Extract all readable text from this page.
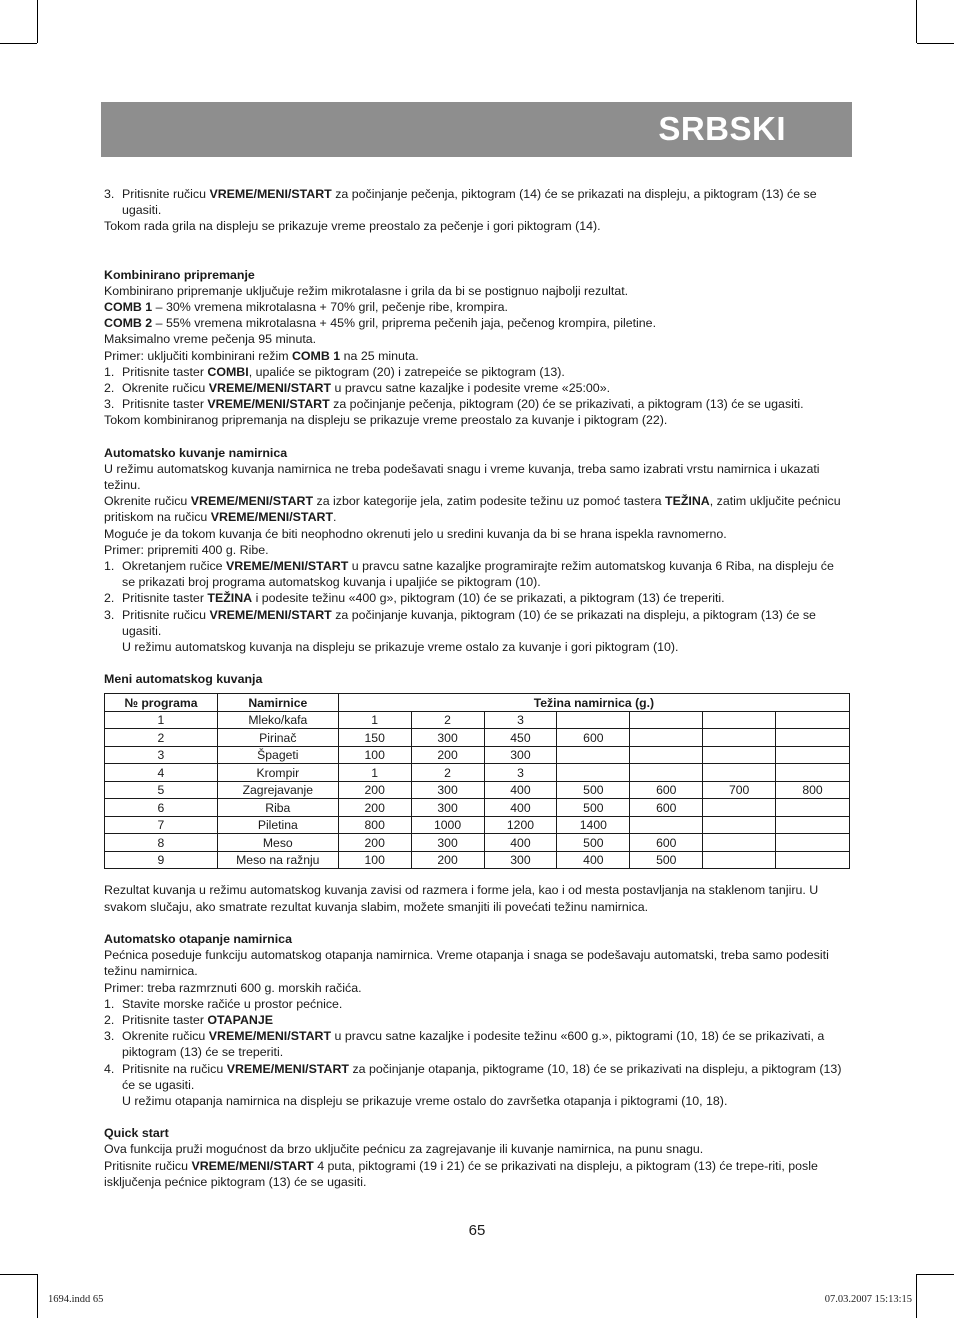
SRBSKI
3. Pritisnite ručicu VREME/MENI/START za počinjanje pečenja, piktogram (14) će se prikazati na displeju, a piktogram (13) će se ugasiti.

Tokom rada grila na displeju se prikazuje vreme preostalo za pečenje i gori piktogram (14).

Kombinirano pripremanje

Kombinirano pripremanje uključuje režim mikrotalasne i grila da bi se postignuo najbolji rezultat.

COMB 1 – 30% vremena mikrotalasna + 70% gril, pečenje ribe, krompira.

COMB 2 – 55% vremena mikrotalasna + 45% gril, priprema pečenih jaja, pečenog krompira, piletine.

Maksimalno vreme pečenja 95 minuta.

Primer: uključiti kombinirani režim COMB 1 na 25 minuta.

1. Pritisnite taster COMBI, upaliće se piktogram (20) i zatrepeiće se piktogram (13).
2. Okrenite ručicu VREME/MENI/START u pravcu satne kazaljke i podesite vreme «25:00».
3. Pritisnite taster VREME/MENI/START za počinjanje pečenja, piktogram (20) će se prikazivati, a piktogram (13) će se ugasiti.

Tokom kombiniranog pripremanja na displeju se prikazuje vreme preostalo za kuvanje i piktogram (22).

Automatsko kuvanje namirnica

U režimu automatskog kuvanja namirnica ne treba podešavati snagu i vreme kuvanja, treba samo izabrati vrstu namirnica i ukazati težinu.

Okrenite ručicu VREME/MENI/START za izbor kategorije jela, zatim podesite težinu uz pomoć tastera TEŽINA, zatim uključite pećnicu pritiskom na ručicu VREME/MENI/START.

Moguće je da tokom kuvanja će biti neophodno okrenuti jelo u sredini kuvanja da bi se hrana ispekla ravnomerno.

Primer: pripremiti 400 g. Ribe.

1. Okretanjem ručice VREME/MENI/START u pravcu satne kazaljke programirajte režim automatskog kuvanja 6 Riba, na displeju će se prikazati broj programa automatskog kuvanja i upaljiće se piktogram (10).
2. Pritisnite taster TEŽINA i podesite težinu «400 g», piktogram (10) će se prikazati, a piktogram (13) će treperiti.
3. Pritisnite ručicu VREME/MENI/START za počinjanje kuvanja, piktogram (10) će se prikazati na displeju, a piktogram (13) će se ugasiti.

U režimu automatskog kuvanja na displeju se prikazuje vreme ostalo za kuvanje i gori piktogram (10).

Meni automatskog kuvanja

№ programa	Namirnice	Težina namirnica (g.)						
1	Mleko/kafa	1	2	3				
2	Pirinač	150	300	450	600			
3	Špageti	100	200	300				
4	Krompir	1	2	3				
5	Zagrejavanje	200	300	400	500	600	700	800
6	Riba	200	300	400	500	600		
7	Piletina	800	1000	1200	1400			
8	Meso	200	300	400	500	600		
9	Meso na ražnju	100	200	300	400	500		

Rezultat kuvanja u režimu automatskog kuvanja zavisi od razmera i forme jela, kao i od mesta postavljanja na staklenom tanjiru. U svakom slučaju, ako smatrate rezultat kuvanja slabim, možete smanjiti ili povećati težinu namirnica.

Automatsko otapanje namirnica

Pećnica poseduje funkciju automatskog otapanja namirnica. Vreme otapanja i snaga se podešavaju automatski, treba samo podesiti težinu namirnica.

Primer: treba razmrznuti 600 g. morskih račića.

1. Stavite morske račiće u prostor pećnice.
2. Pritisnite taster OTAPANJE
3. Okrenite ručicu VREME/MENI/START u pravcu satne kazaljke i podesite težinu «600 g.», piktogrami (10, 18) će se prikazivati, a piktogram (13) će se treperiti.
4. Pritisnite na ručicu VREME/MENI/START za počinjanje otapanja, piktograme (10, 18) će se prikazivati na displeju, a piktogram (13) će se ugasiti.

U režimu otapanja namirnica na displeju se prikazuje vreme ostalo do završetka otapanja i piktogrami (10, 18).

Quick start

Ova funkcija pruži mogućnost da brzo uključite pećnicu za zagrejavanje ili kuvanje namirnica, na punu snagu.

Pritisnite ručicu VREME/MENI/START 4 puta, piktogrami (19 i 21) će se prikazivati na displeju, a piktogram (13) će trepe-riti, posle isključenja pećnice piktogram (13) će se ugasiti.

65
1694.indd 65	07.03.2007 15:13:15
